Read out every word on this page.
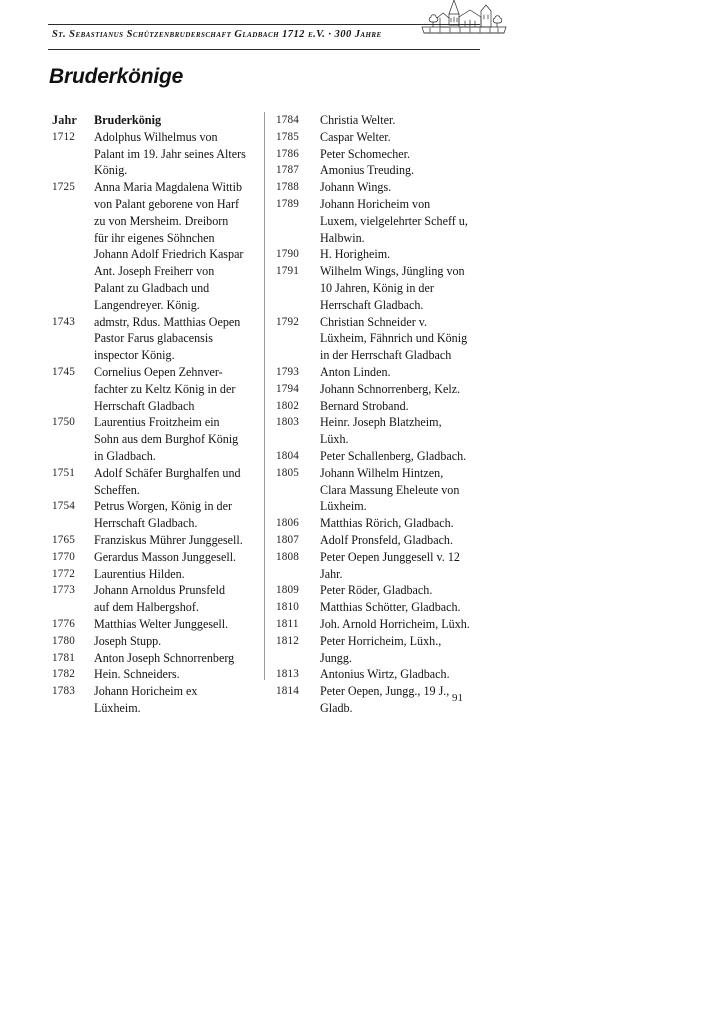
St. Sebastianus Schützenbruderschaft Gladbach 1712 e.V. · 300 Jahre
Bruderkönige
Jahr	Bruderkönig
1712	Adolphus Wilhelmus von
Palant im 19. Jahr seines Alters
König.
1725	Anna Maria Magdalena Wittib
von Palant geborene von Harf
zu von Mersheim. Dreiborn
für ihr eigenes Söhnchen
Johann Adolf Friedrich Kaspar
Ant. Joseph Freiherr von
Palant zu Gladbach und
Langendreyer. König.
1743	admstr, Rdus. Matthias Oepen
Pastor Farus glabacensis
inspector König.
1745	Cornelius Oepen Zehnver-
fachter zu Keltz König in der
Herrschaft Gladbach
1750	Laurentius Froitzheim ein
Sohn aus dem Burghof König
in Gladbach.
1751	Adolf Schäfer Burghalfen und
Scheffen.
1754	Petrus Worgen, König in der
Herrschaft Gladbach.
1765	Franziskus Mührer Junggesell.
1770	Gerardus Masson Junggesell.
1772	Laurentius Hilden.
1773	Johann Arnoldus Prunsfeld
auf dem Halbergshof.
1776	Matthias Welter Junggesell.
1780	Joseph Stupp.
1781	Anton Joseph Schnorrenberg
1782	Hein. Schneiders.
1783	Johann Horicheim ex
Lüxheim.
1784	Christia Welter.
1785	Caspar Welter.
1786	Peter Schomecher.
1787	Amonius Treuding.
1788	Johann Wings.
1789	Johann Horicheim von
Luxem, vielgelehrter Scheff u,
Halbwin.
1790	H. Horigheim.
1791	Wilhelm Wings, Jüngling von
10 Jahren, König in der
Herrschaft Gladbach.
1792	Christian Schneider v.
Lüxheim, Fähnrich und König
in der Herrschaft Gladbach
1793	Anton Linden.
1794	Johann Schnorrenberg, Kelz.
1802	Bernard Stroband.
1803	Heinr. Joseph Blatzheim,
Lüxh.
1804	Peter Schallenberg, Gladbach.
1805	Johann Wilhelm Hintzen,
Clara Massung Eheleute von
Lüxheim.
1806	Matthias Rörich, Gladbach.
1807	Adolf Pronsfeld, Gladbach.
1808	Peter Oepen Junggesell v. 12
Jahr.
1809	Peter Röder, Gladbach.
1810	Matthias Schötter, Gladbach.
1811	Joh. Arnold Horricheim, Lüxh.
1812	Peter Horricheim, Lüxh.,
Jungg.
1813	Antonius Wirtz, Gladbach.
1814	Peter Oepen, Jungg., 19 J.,
Gladb.
91
